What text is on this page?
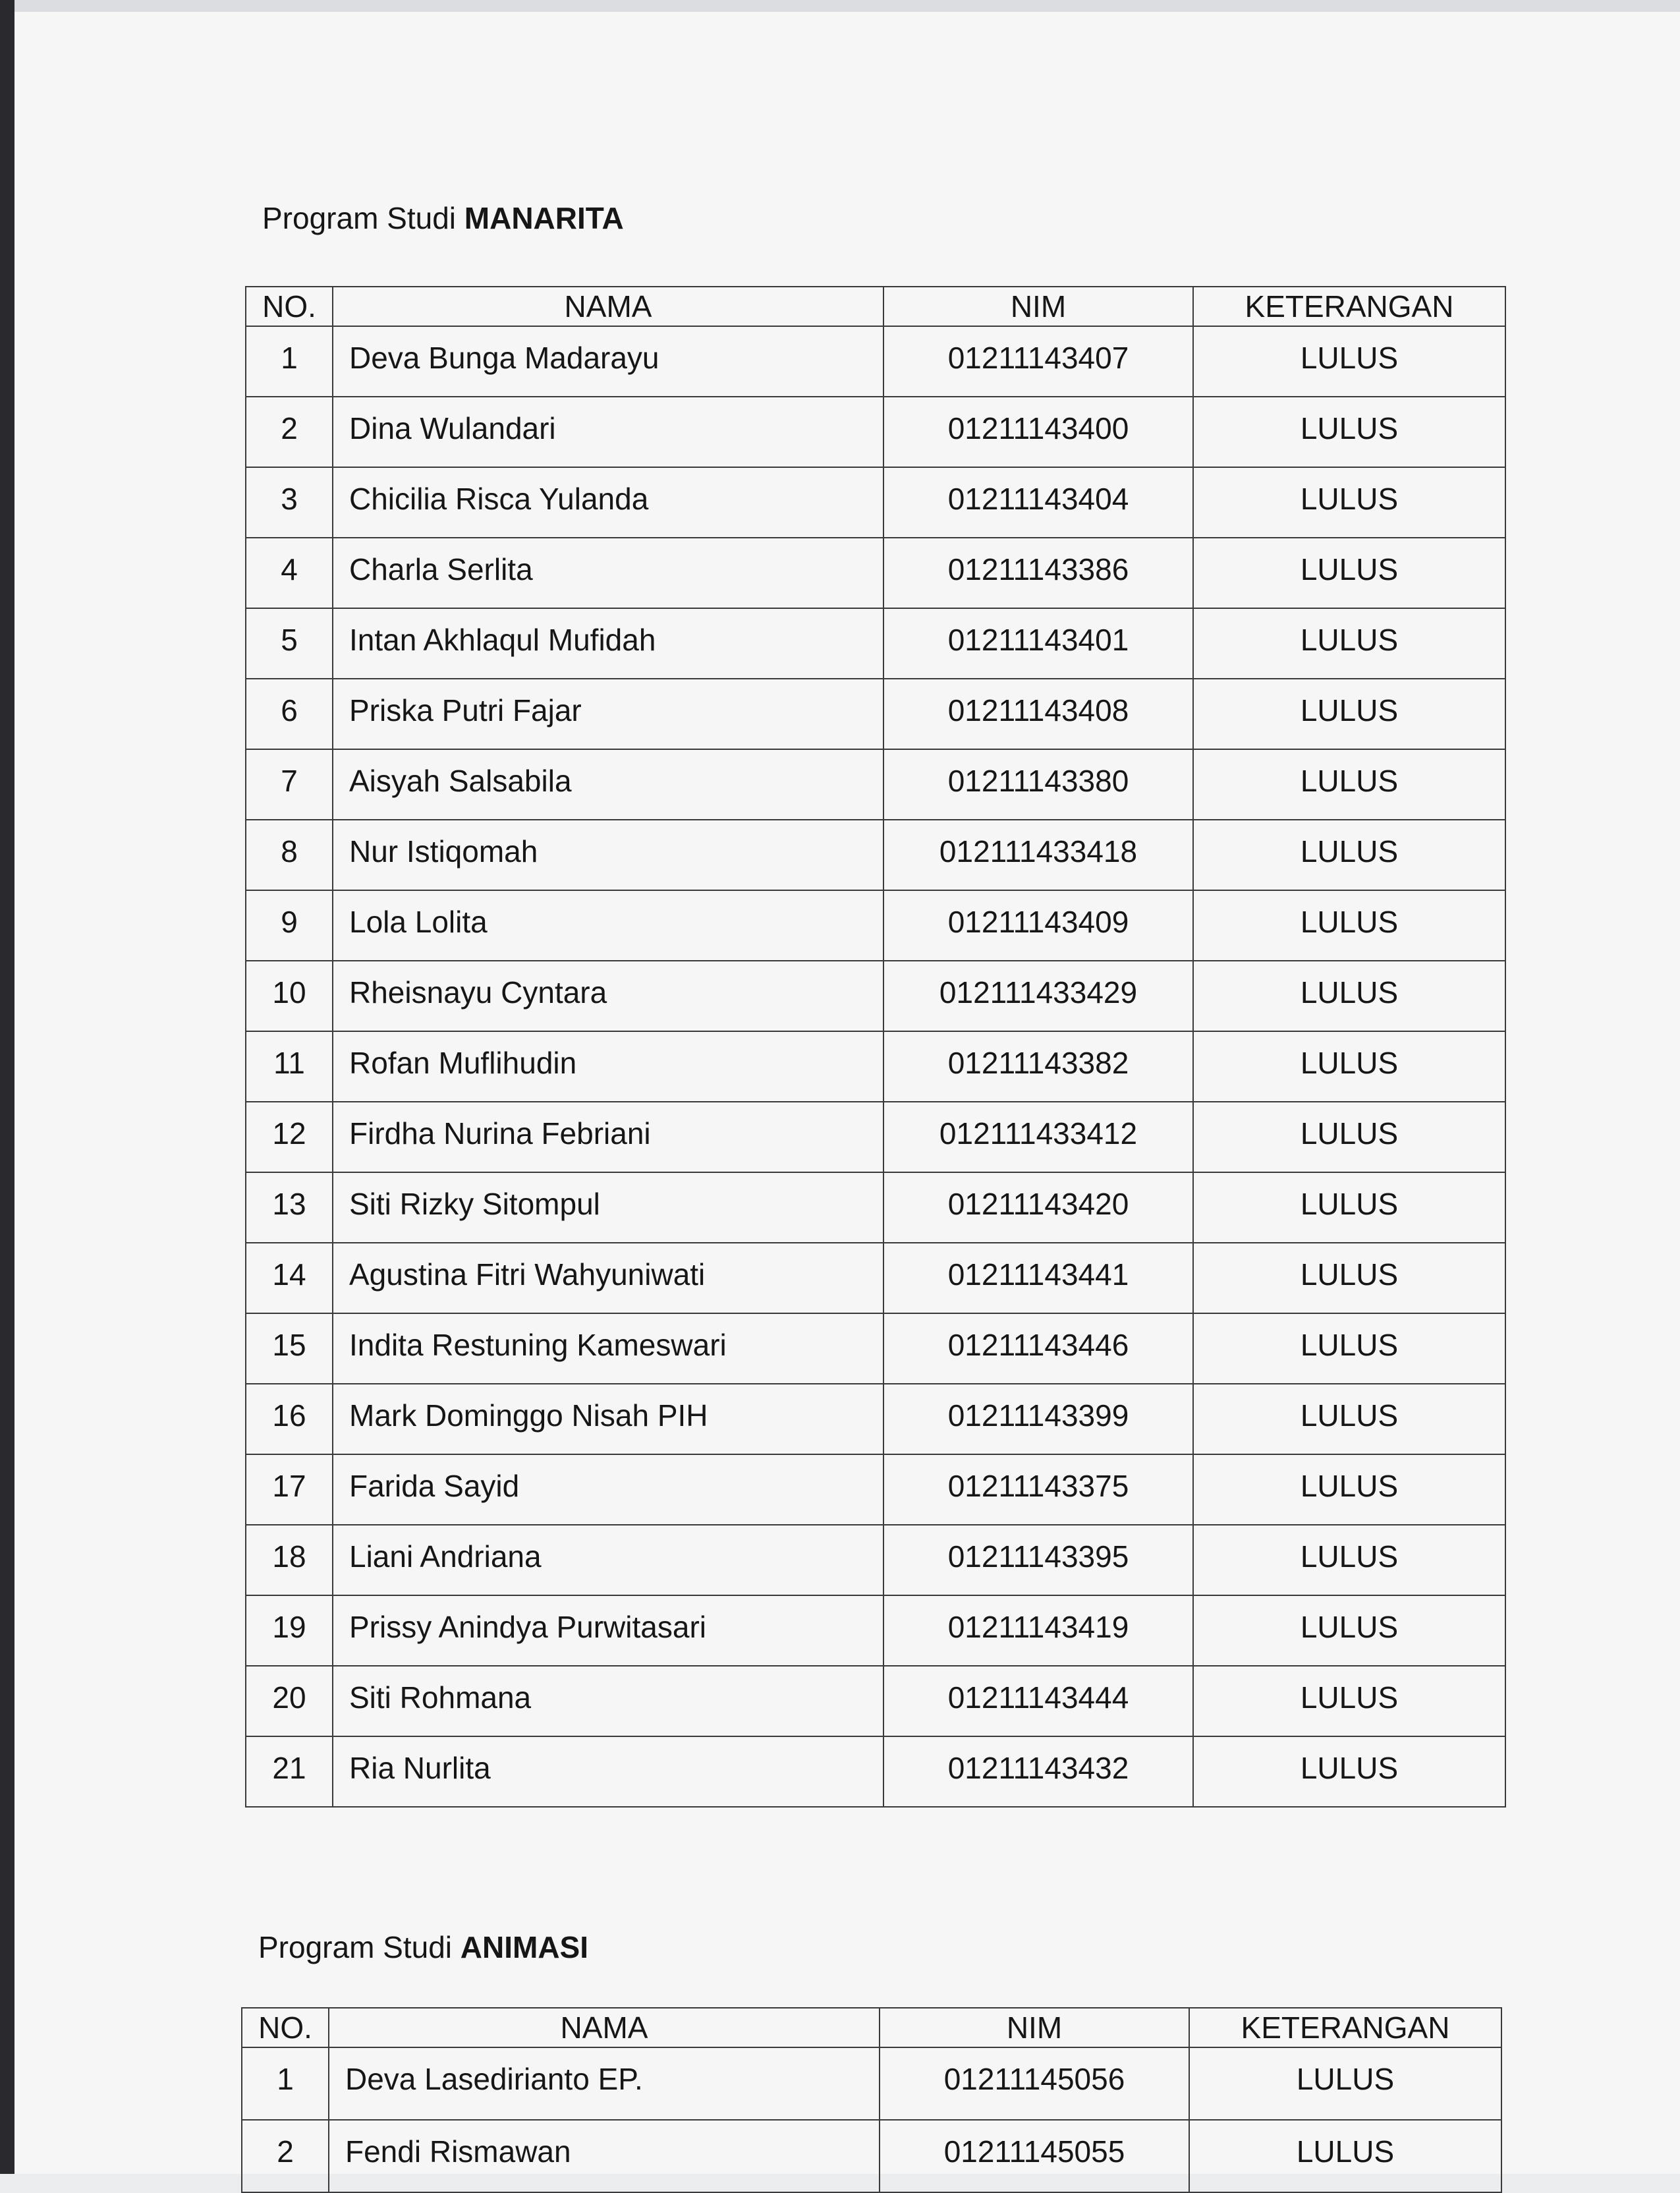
Program Studi MANARITA
NO.	NAMA	NIM	KETERANGAN
1	Deva Bunga Madarayu	01211143407	LULUS
2	Dina Wulandari	01211143400	LULUS
3	Chicilia Risca Yulanda	01211143404	LULUS
4	Charla Serlita	01211143386	LULUS
5	Intan Akhlaqul Mufidah	01211143401	LULUS
6	Priska Putri Fajar	01211143408	LULUS
7	Aisyah Salsabila	01211143380	LULUS
8	Nur Istiqomah	012111433418	LULUS
9	Lola Lolita	01211143409	LULUS
10	Rheisnayu Cyntara	012111433429	LULUS
11	Rofan Muflihudin	01211143382	LULUS
12	Firdha Nurina Febriani	012111433412	LULUS
13	Siti Rizky Sitompul	01211143420	LULUS
14	Agustina Fitri Wahyuniwati	01211143441	LULUS
15	Indita Restuning Kameswari	01211143446	LULUS
16	Mark Dominggo Nisah PIH	01211143399	LULUS
17	Farida Sayid	01211143375	LULUS
18	Liani Andriana	01211143395	LULUS
19	Prissy Anindya Purwitasari	01211143419	LULUS
20	Siti Rohmana	01211143444	LULUS
21	Ria Nurlita	01211143432	LULUS
Program Studi ANIMASI
NO.	NAMA	NIM	KETERANGAN
1	Deva Lasedirianto EP.	01211145056	LULUS
2	Fendi Rismawan	01211145055	LULUS
